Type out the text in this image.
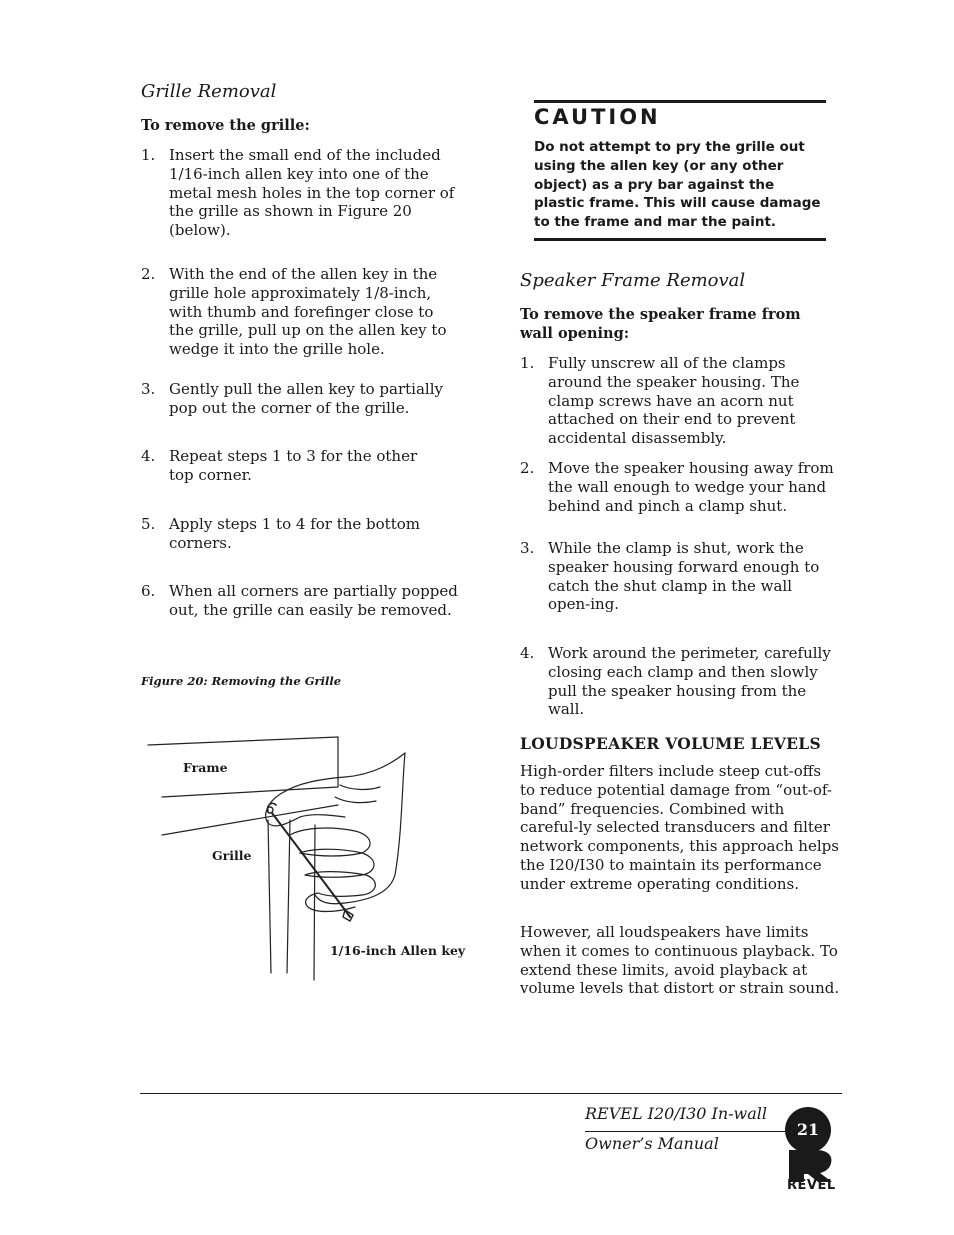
Grille Removal
To remove the grille:
1. Insert the small end of the included 1/16-inch allen key into one of the metal mesh holes in the top corner of the grille as shown in Figure 20 (below).
2. With the end of the allen key in the grille hole approximately 1/8-inch, with thumb and forefinger close to the grille, pull up on the allen key to wedge it into the grille hole.
3. Gently pull the allen key to partially pop out the corner of the grille.
4. Repeat steps 1 to 3 for the other top corner.
5. Apply steps 1 to 4 for the bottom corners.
6. When all corners are partially popped out, the grille can easily be removed.
Figure 20: Removing the Grille
Frame
Grille
1/16-inch Allen key
CAUTION
Do not attempt to pry the grille out using the allen key (or any other object) as a pry bar against the plastic frame. This will cause damage to the frame and mar the paint.
Speaker Frame Removal
To remove the speaker frame from wall opening:
1. Fully unscrew all of the clamps around the speaker housing. The clamp screws have an acorn nut attached on their end to prevent accidental disassembly.
2. Move the speaker housing away from the wall enough to wedge your hand behind and pinch a clamp shut.
3. While the clamp is shut, work the speaker housing forward enough to catch the shut clamp in the wall open-ing.
4. Work around the perimeter, carefully closing each clamp and then slowly pull the speaker housing from the wall.
LOUDSPEAKER VOLUME LEVELS
High-order filters include steep cut-offs to reduce potential damage from “out-of-band” frequencies. Combined with careful-ly selected transducers and filter network components, this approach helps the I20/I30 to maintain its performance under extreme operating conditions.
However, all loudspeakers have limits when it comes to continuous playback. To extend these limits, avoid playback at volume levels that distort or strain sound.
REVEL I20/I30 In-wall
Owner’s Manual
21
REVEL
